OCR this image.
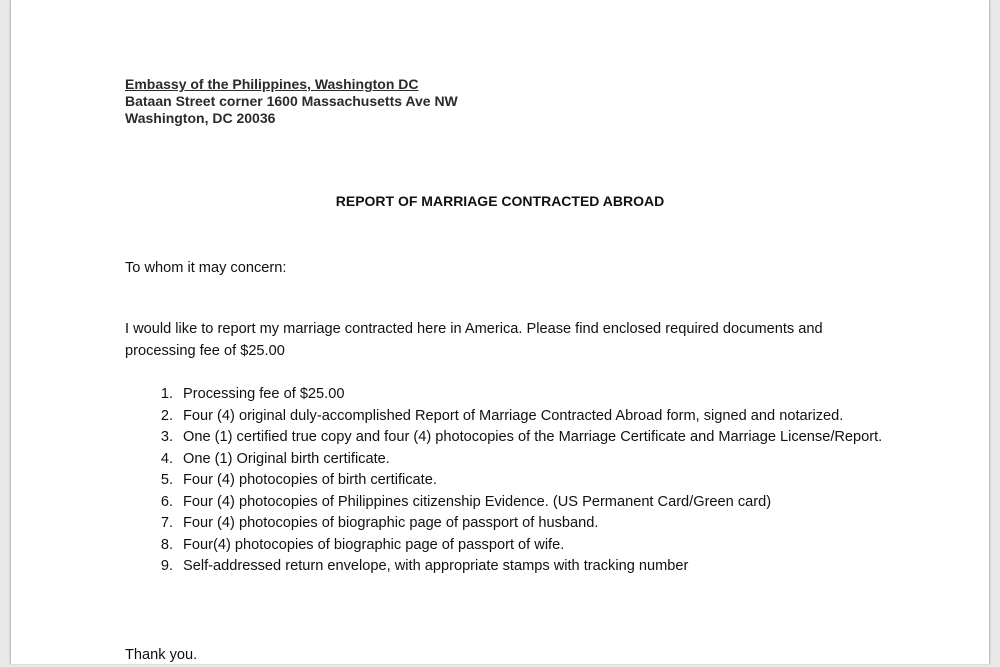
Embassy of the Philippines, Washington DC
Bataan Street corner 1600 Massachusetts Ave NW
Washington, DC 20036
REPORT OF MARRIAGE CONTRACTED ABROAD
To whom it may concern:
I would like to report my marriage contracted here in America. Please find enclosed required documents and processing fee of $25.00
1. Processing fee of $25.00
2. Four (4) original duly-accomplished Report of Marriage Contracted Abroad form, signed and notarized.
3. One (1) certified true copy and four (4) photocopies of the Marriage Certificate and Marriage License/Report.
4. One (1) Original birth certificate.
5. Four (4) photocopies of birth certificate.
6. Four (4) photocopies of Philippines citizenship Evidence. (US Permanent Card/Green card)
7. Four (4) photocopies of biographic page of passport of husband.
8. Four(4) photocopies of biographic page of passport of wife.
9. Self-addressed return envelope, with appropriate stamps with tracking number
Thank you.
